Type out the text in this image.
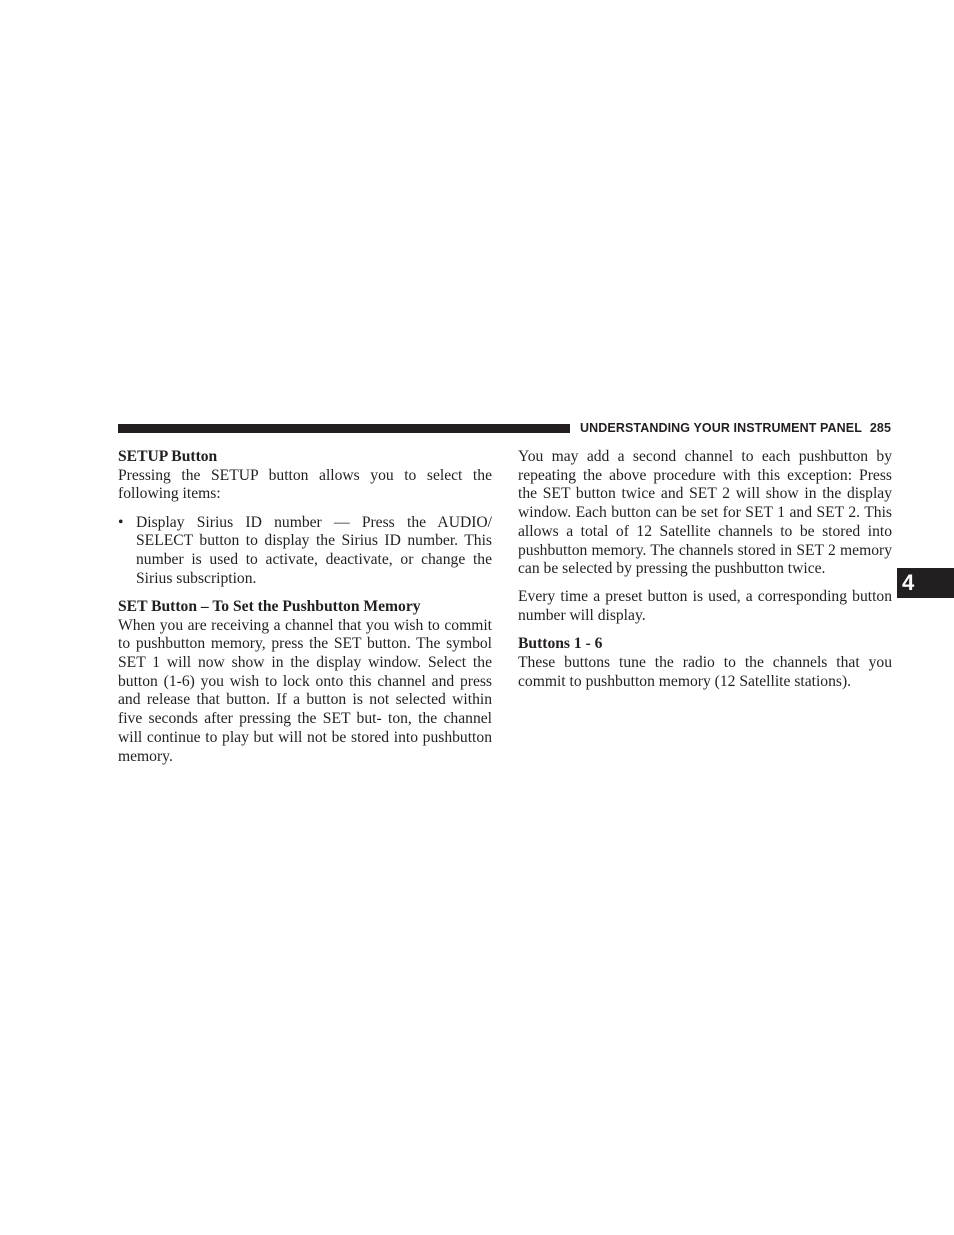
UNDERSTANDING YOUR INSTRUMENT PANEL 285
4
SETUP Button

Pressing the SETUP button allows you to select the following items:

• Display Sirius ID number — Press the AUDIO/ SELECT button to display the Sirius ID number. This number is used to activate, deactivate, or change the Sirius subscription.
SET Button – To Set the Pushbutton Memory

When you are receiving a channel that you wish to commit to pushbutton memory, press the SET button. The symbol SET 1 will now show in the display window. Select the button (1-6) you wish to lock onto this channel and press and release that button. If a button is not selected within five seconds after pressing the SET but- ton, the channel will continue to play but will not be stored into pushbutton memory.

You may add a second channel to each pushbutton by repeating the above procedure with this exception: Press the SET button twice and SET 2 will show in the display window. Each button can be set for SET 1 and SET 2. This allows a total of 12 Satellite channels to be stored into pushbutton memory. The channels stored in SET 2 memory can be selected by pressing the pushbutton twice.

Every time a preset button is used, a corresponding button number will display.

Buttons 1 - 6

These buttons tune the radio to the channels that you commit to pushbutton memory (12 Satellite stations).
